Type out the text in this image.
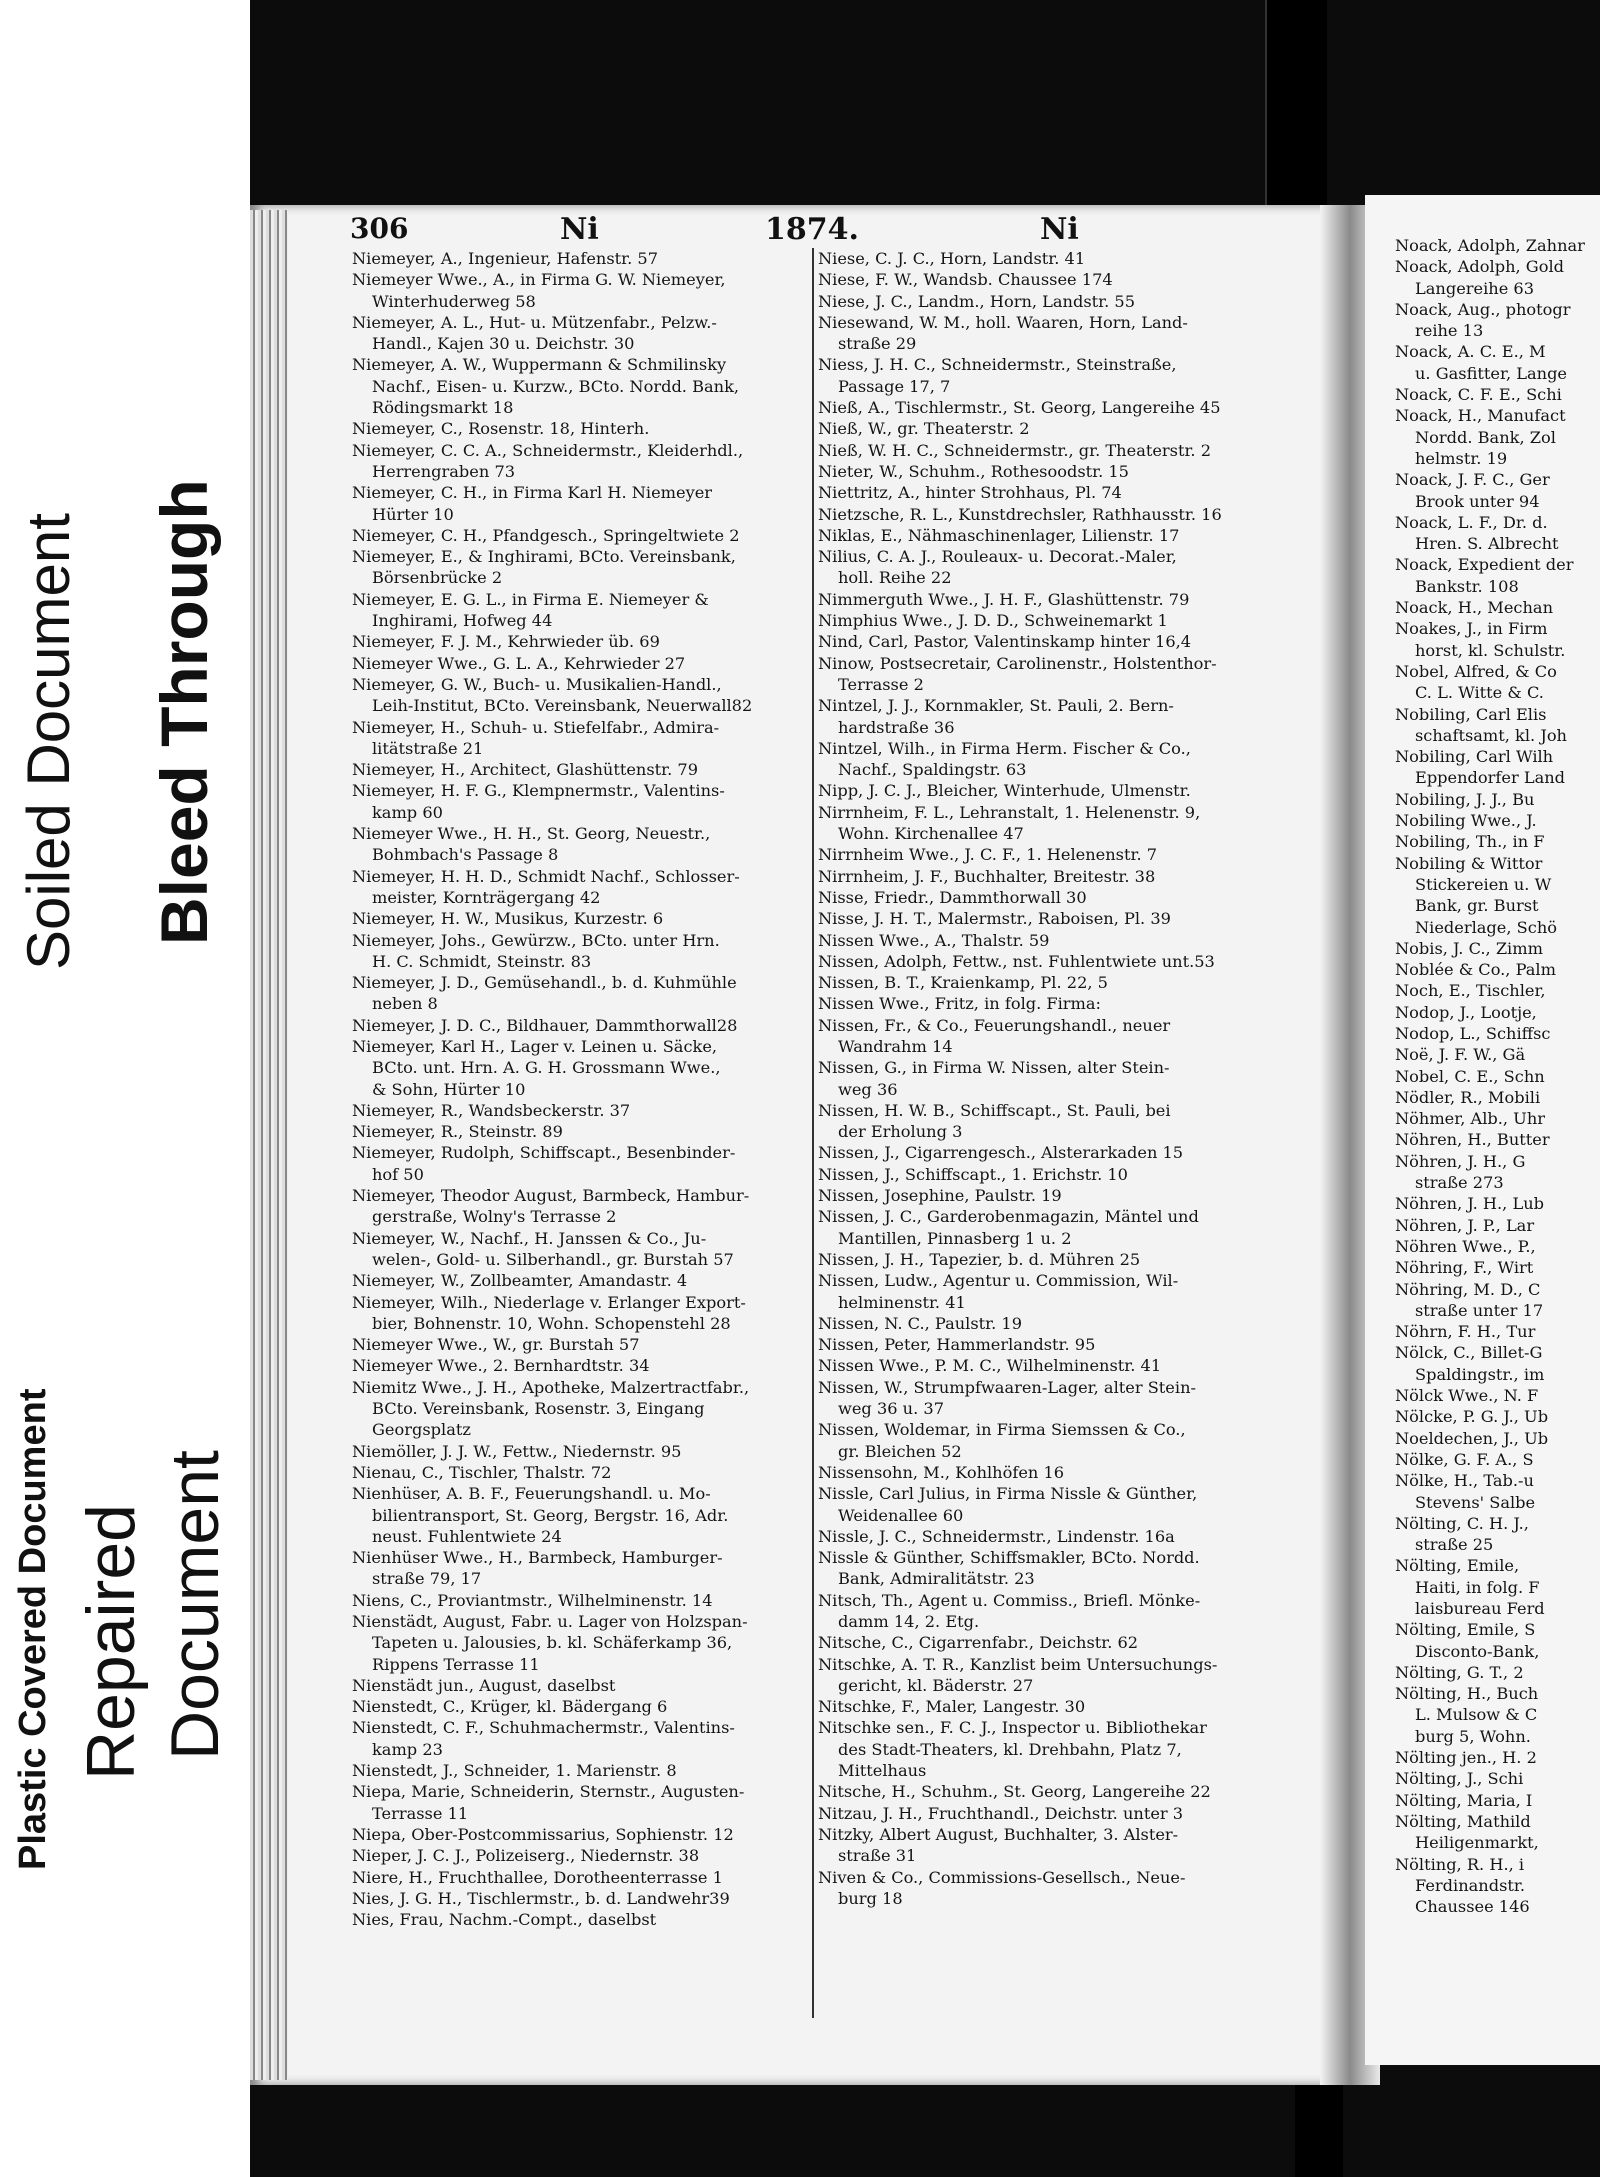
Soiled Document Bleed Through
Plastic Covered Document Repaired Document
306	Ni	1874.	Ni
Niemeyer, A., Ingenieur, Hafenstr. 57
Niemeyer Wwe., A., in Firma G. W. Niemeyer,
Winterhuderweg 58
Niemeyer, A. L., Hut- u. Mützenfabr., Pelzw.-
Handl., Kajen 30 u. Deichstr. 30
Niemeyer, A. W., Wuppermann & Schmilinsky
Nachf., Eisen- u. Kurzw., BCto. Nordd. Bank,
Rödingsmarkt 18
Niemeyer, C., Rosenstr. 18, Hinterh.
Niemeyer, C. C. A., Schneidermstr., Kleiderhdl.,
Herrengraben 73
Niemeyer, C. H., in Firma Karl H. Niemeyer
Hürter 10
Niemeyer, C. H., Pfandgesch., Springeltwiete 2
Niemeyer, E., & Inghirami, BCto. Vereinsbank,
Börsenbrücke 2
Niemeyer, E. G. L., in Firma E. Niemeyer &
Inghirami, Hofweg 44
Niemeyer, F. J. M., Kehrwieder üb. 69
Niemeyer Wwe., G. L. A., Kehrwieder 27
Niemeyer, G. W., Buch- u. Musikalien-Handl.,
Leih-Institut, BCto. Vereinsbank, Neuerwall82
Niemeyer, H., Schuh- u. Stiefelfabr., Admira-
litätstraße 21
Niemeyer, H., Architect, Glashüttenstr. 79
Niemeyer, H. F. G., Klempnermstr., Valentins-
kamp 60
Niemeyer Wwe., H. H., St. Georg, Neuestr.,
Bohmbach's Passage 8
Niemeyer, H. H. D., Schmidt Nachf., Schlosser-
meister, Kornträgergang 42
Niemeyer, H. W., Musikus, Kurzestr. 6
Niemeyer, Johs., Gewürzw., BCto. unter Hrn.
H. C. Schmidt, Steinstr. 83
Niemeyer, J. D., Gemüsehandl., b. d. Kuhmühle
neben 8
Niemeyer, J. D. C., Bildhauer, Dammthorwall28
Niemeyer, Karl H., Lager v. Leinen u. Säcke,
BCto. unt. Hrn. A. G. H. Grossmann Wwe.,
& Sohn, Hürter 10
Niemeyer, R., Wandsbeckerstr. 37
Niemeyer, R., Steinstr. 89
Niemeyer, Rudolph, Schiffscapt., Besenbinder-
hof 50
Niemeyer, Theodor August, Barmbeck, Hambur-
gerstraße, Wolny's Terrasse 2
Niemeyer, W., Nachf., H. Janssen & Co., Ju-
welen-, Gold- u. Silberhandl., gr. Burstah 57
Niemeyer, W., Zollbeamter, Amandastr. 4
Niemeyer, Wilh., Niederlage v. Erlanger Export-
bier, Bohnenstr. 10, Wohn. Schopenstehl 28
Niemeyer Wwe., W., gr. Burstah 57
Niemeyer Wwe., 2. Bernhardtstr. 34
Niemitz Wwe., J. H., Apotheke, Malzertractfabr.,
BCto. Vereinsbank, Rosenstr. 3, Eingang
Georgsplatz
Niemöller, J. J. W., Fettw., Niedernstr. 95
Nienau, C., Tischler, Thalstr. 72
Nienhüser, A. B. F., Feuerungshandl. u. Mo-
bilientransport, St. Georg, Bergstr. 16, Adr.
neust. Fuhlentwiete 24
Nienhüser Wwe., H., Barmbeck, Hamburger-
straße 79, 17
Niens, C., Proviantmstr., Wilhelminenstr. 14
Nienstädt, August, Fabr. u. Lager von Holzspan-
Tapeten u. Jalousies, b. kl. Schäferkamp 36,
Rippens Terrasse 11
Nienstädt jun., August, daselbst
Nienstedt, C., Krüger, kl. Bädergang 6
Nienstedt, C. F., Schuhmachermstr., Valentins-
kamp 23
Nienstedt, J., Schneider, 1. Marienstr. 8
Niepa, Marie, Schneiderin, Sternstr., Augusten-
Terrasse 11
Niepa, Ober-Postcommissarius, Sophienstr. 12
Nieper, J. C. J., Polizeiserg., Niedernstr. 38
Niere, H., Fruchthallee, Dorotheenterrasse 1
Nies, J. G. H., Tischlermstr., b. d. Landwehr39
Nies, Frau, Nachm.-Compt., daselbst
Niese, C. J. C., Horn, Landstr. 41
Niese, F. W., Wandsb. Chaussee 174
Niese, J. C., Landm., Horn, Landstr. 55
Niesewand, W. M., holl. Waaren, Horn, Land-
straße 29
Niess, J. H. C., Schneidermstr., Steinstraße,
Passage 17, 7
Nieß, A., Tischlermstr., St. Georg, Langereihe 45
Nieß, W., gr. Theaterstr. 2
Nieß, W. H. C., Schneidermstr., gr. Theaterstr. 2
Nieter, W., Schuhm., Rothesoodstr. 15
Niettritz, A., hinter Strohhaus, Pl. 74
Nietzsche, R. L., Kunstdrechsler, Rathhausstr. 16
Niklas, E., Nähmaschinenlager, Lilienstr. 17
Nilius, C. A. J., Rouleaux- u. Decorat.-Maler,
holl. Reihe 22
Nimmerguth Wwe., J. H. F., Glashüttenstr. 79
Nimphius Wwe., J. D. D., Schweinemarkt 1
Nind, Carl, Pastor, Valentinskamp hinter 16,4
Ninow, Postsecretair, Carolinenstr., Holstenthor-
Terrasse 2
Nintzel, J. J., Kornmakler, St. Pauli, 2. Bern-
hardstraße 36
Nintzel, Wilh., in Firma Herm. Fischer & Co.,
Nachf., Spaldingstr. 63
Nipp, J. C. J., Bleicher, Winterhude, Ulmenstr.
Nirrnheim, F. L., Lehranstalt, 1. Helenenstr. 9,
Wohn. Kirchenallee 47
Nirrnheim Wwe., J. C. F., 1. Helenenstr. 7
Nirrnheim, J. F., Buchhalter, Breitestr. 38
Nisse, Friedr., Dammthorwall 30
Nisse, J. H. T., Malermstr., Raboisen, Pl. 39
Nissen Wwe., A., Thalstr. 59
Nissen, Adolph, Fettw., nst. Fuhlentwiete unt.53
Nissen, B. T., Kraienkamp, Pl. 22, 5
Nissen Wwe., Fritz, in folg. Firma:
Nissen, Fr., & Co., Feuerungshandl., neuer
Wandrahm 14
Nissen, G., in Firma W. Nissen, alter Stein-
weg 36
Nissen, H. W. B., Schiffscapt., St. Pauli, bei
der Erholung 3
Nissen, J., Cigarrengesch., Alsterarkaden 15
Nissen, J., Schiffscapt., 1. Erichstr. 10
Nissen, Josephine, Paulstr. 19
Nissen, J. C., Garderobenmagazin, Mäntel und
Mantillen, Pinnasberg 1 u. 2
Nissen, J. H., Tapezier, b. d. Mühren 25
Nissen, Ludw., Agentur u. Commission, Wil-
helminenstr. 41
Nissen, N. C., Paulstr. 19
Nissen, Peter, Hammerlandstr. 95
Nissen Wwe., P. M. C., Wilhelminenstr. 41
Nissen, W., Strumpfwaaren-Lager, alter Stein-
weg 36 u. 37
Nissen, Woldemar, in Firma Siemssen & Co.,
gr. Bleichen 52
Nissensohn, M., Kohlhöfen 16
Nissle, Carl Julius, in Firma Nissle & Günther,
Weidenallee 60
Nissle, J. C., Schneidermstr., Lindenstr. 16a
Nissle & Günther, Schiffsmakler, BCto. Nordd.
Bank, Admiralitätstr. 23
Nitsch, Th., Agent u. Commiss., Briefl. Mönke-
damm 14, 2. Etg.
Nitsche, C., Cigarrenfabr., Deichstr. 62
Nitschke, A. T. R., Kanzlist beim Untersuchungs-
gericht, kl. Bäderstr. 27
Nitschke, F., Maler, Langestr. 30
Nitschke sen., F. C. J., Inspector u. Bibliothekar
des Stadt-Theaters, kl. Drehbahn, Platz 7,
Mittelhaus
Nitsche, H., Schuhm., St. Georg, Langereihe 22
Nitzau, J. H., Fruchthandl., Deichstr. unter 3
Nitzky, Albert August, Buchhalter, 3. Alster-
straße 31
Niven & Co., Commissions-Gesellsch., Neue-
burg 18
Noack, Adolph, Zahnar
Noack, Adolph, Gold
Langereihe 63
Noack, Aug., photogr
reihe 13
Noack, A. C. E., M
u. Gasfitter, Lange
Noack, C. F. E., Schi
Noack, H., Manufact
Nordd. Bank, Zol
helmstr. 19
Noack, J. F. C., Ger
Brook unter 94
Noack, L. F., Dr. d.
Hren. S. Albrecht
Noack, Expedient der
Bankstr. 108
Noack, H., Mechan
Noakes, J., in Firm
horst, kl. Schulstr.
Nobel, Alfred, & Co
C. L. Witte & C.
Nobiling, Carl Elis
schaftsamt, kl. Joh
Nobiling, Carl Wilh
Eppendorfer Land
Nobiling, J. J., Bu
Nobiling Wwe., J.
Nobiling, Th., in F
Nobiling & Wittor
Stickereien u. W
Bank, gr. Burst
Niederlage, Schö
Nobis, J. C., Zimm
Noblée & Co., Palm
Noch, E., Tischler,
Nodop, J., Lootje,
Nodop, L., Schiffsc
Noë, J. F. W., Gä
Nobel, C. E., Schn
Nödler, R., Mobili
Nöhmer, Alb., Uhr
Nöhren, H., Butter
Nöhren, J. H., G
straße 273
Nöhren, J. H., Lub
Nöhren, J. P., Lar
Nöhren Wwe., P.,
Nöhring, F., Wirt
Nöhring, M. D., C
straße unter 17
Nöhrn, F. H., Tur
Nölck, C., Billet-G
Spaldingstr., im
Nölck Wwe., N. F
Nölcke, P. G. J., Ub
Noeldechen, J., Ub
Nölke, G. F. A., S
Nölke, H., Tab.-u
Stevens' Salbe
Nölting, C. H. J.,
straße 25
Nölting, Emile,
Haiti, in folg. F
laisbureau Ferd
Nölting, Emile, S
Disconto-Bank,
Nölting, G. T., 2
Nölting, H., Buch
L. Mulsow & C
burg 5, Wohn.
Nölting jen., H. 2
Nölting, J., Schi
Nölting, Maria, I
Nölting, Mathild
Heiligenmarkt,
Nölting, R. H., i
Ferdinandstr.
Chaussee 146
